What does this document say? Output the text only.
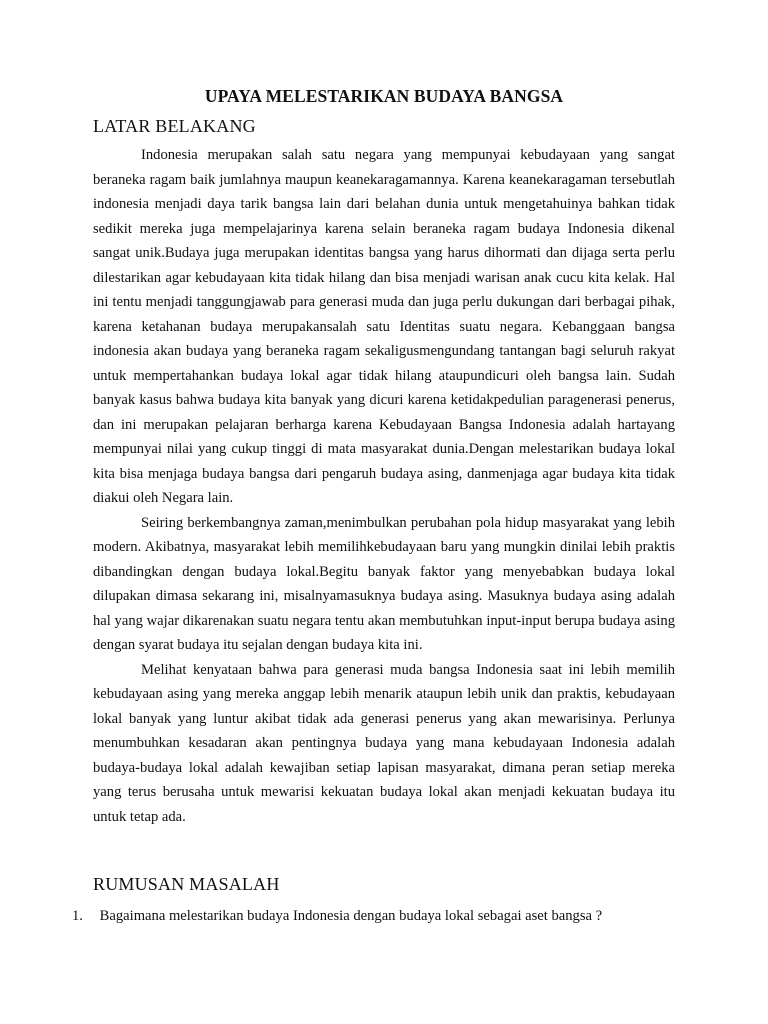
UPAYA MELESTARIKAN BUDAYA BANGSA
LATAR BELAKANG

Indonesia merupakan salah satu negara yang mempunyai kebudayaan yang sangat beraneka ragam baik jumlahnya maupun keanekaragamannya. Karena keanekaragaman tersebutlah indonesia menjadi daya tarik bangsa lain dari belahan dunia untuk mengetahuinya bahkan tidak sedikit mereka juga mempelajarinya karena selain beraneka ragam budaya Indonesia dikenal sangat unik.Budaya juga merupakan identitas bangsa yang harus dihormati dan dijaga serta perlu dilestarikan agar kebudayaan kita tidak hilang dan bisa menjadi warisan anak cucu kita kelak. Hal ini tentu menjadi tanggungjawab para generasi muda dan juga perlu dukungan dari berbagai pihak, karena ketahanan budaya merupakansalah satu Identitas suatu negara. Kebanggaan bangsa indonesia akan budaya yang beraneka ragam sekaligusmengundang tantangan bagi seluruh rakyat untuk mempertahankan budaya lokal agar tidak hilang ataupundicuri oleh bangsa lain. Sudah banyak kasus bahwa budaya kita banyak yang dicuri karena ketidakpedulian paragenerasi penerus, dan ini merupakan pelajaran berharga karena Kebudayaan Bangsa Indonesia adalah hartayang mempunyai nilai yang cukup tinggi di mata masyarakat dunia.Dengan melestarikan budaya lokal kita bisa menjaga budaya bangsa dari pengaruh budaya asing, danmenjaga agar budaya kita tidak diakui oleh Negara lain.

Seiring berkembangnya zaman,menimbulkan perubahan pola hidup masyarakat yang lebih modern. Akibatnya, masyarakat lebih memilihkebudayaan baru yang mungkin dinilai lebih praktis dibandingkan dengan budaya lokal.Begitu banyak faktor yang menyebabkan budaya lokal dilupakan dimasa sekarang ini, misalnyamasuknya budaya asing. Masuknya budaya asing adalah hal yang wajar dikarenakan suatu negara tentu akan membutuhkan input-input berupa budaya asing dengan syarat budaya itu sejalan dengan budaya kita ini.

Melihat kenyataan bahwa para generasi muda bangsa Indonesia saat ini lebih memilih kebudayaan asing yang mereka anggap lebih menarik ataupun lebih unik dan praktis, kebudayaan lokal banyak yang luntur akibat tidak ada generasi penerus yang akan mewarisinya. Perlunya menumbuhkan kesadaran akan pentingnya budaya yang mana kebudayaan Indonesia adalah budaya-budaya lokal adalah kewajiban setiap lapisan masyarakat, dimana peran setiap mereka yang terus berusaha untuk mewarisi kekuatan budaya lokal akan menjadi kekuatan budaya itu untuk tetap ada.

RUMUSAN MASALAH
1. Bagaimana melestarikan budaya Indonesia dengan budaya lokal sebagai aset bangsa ?
